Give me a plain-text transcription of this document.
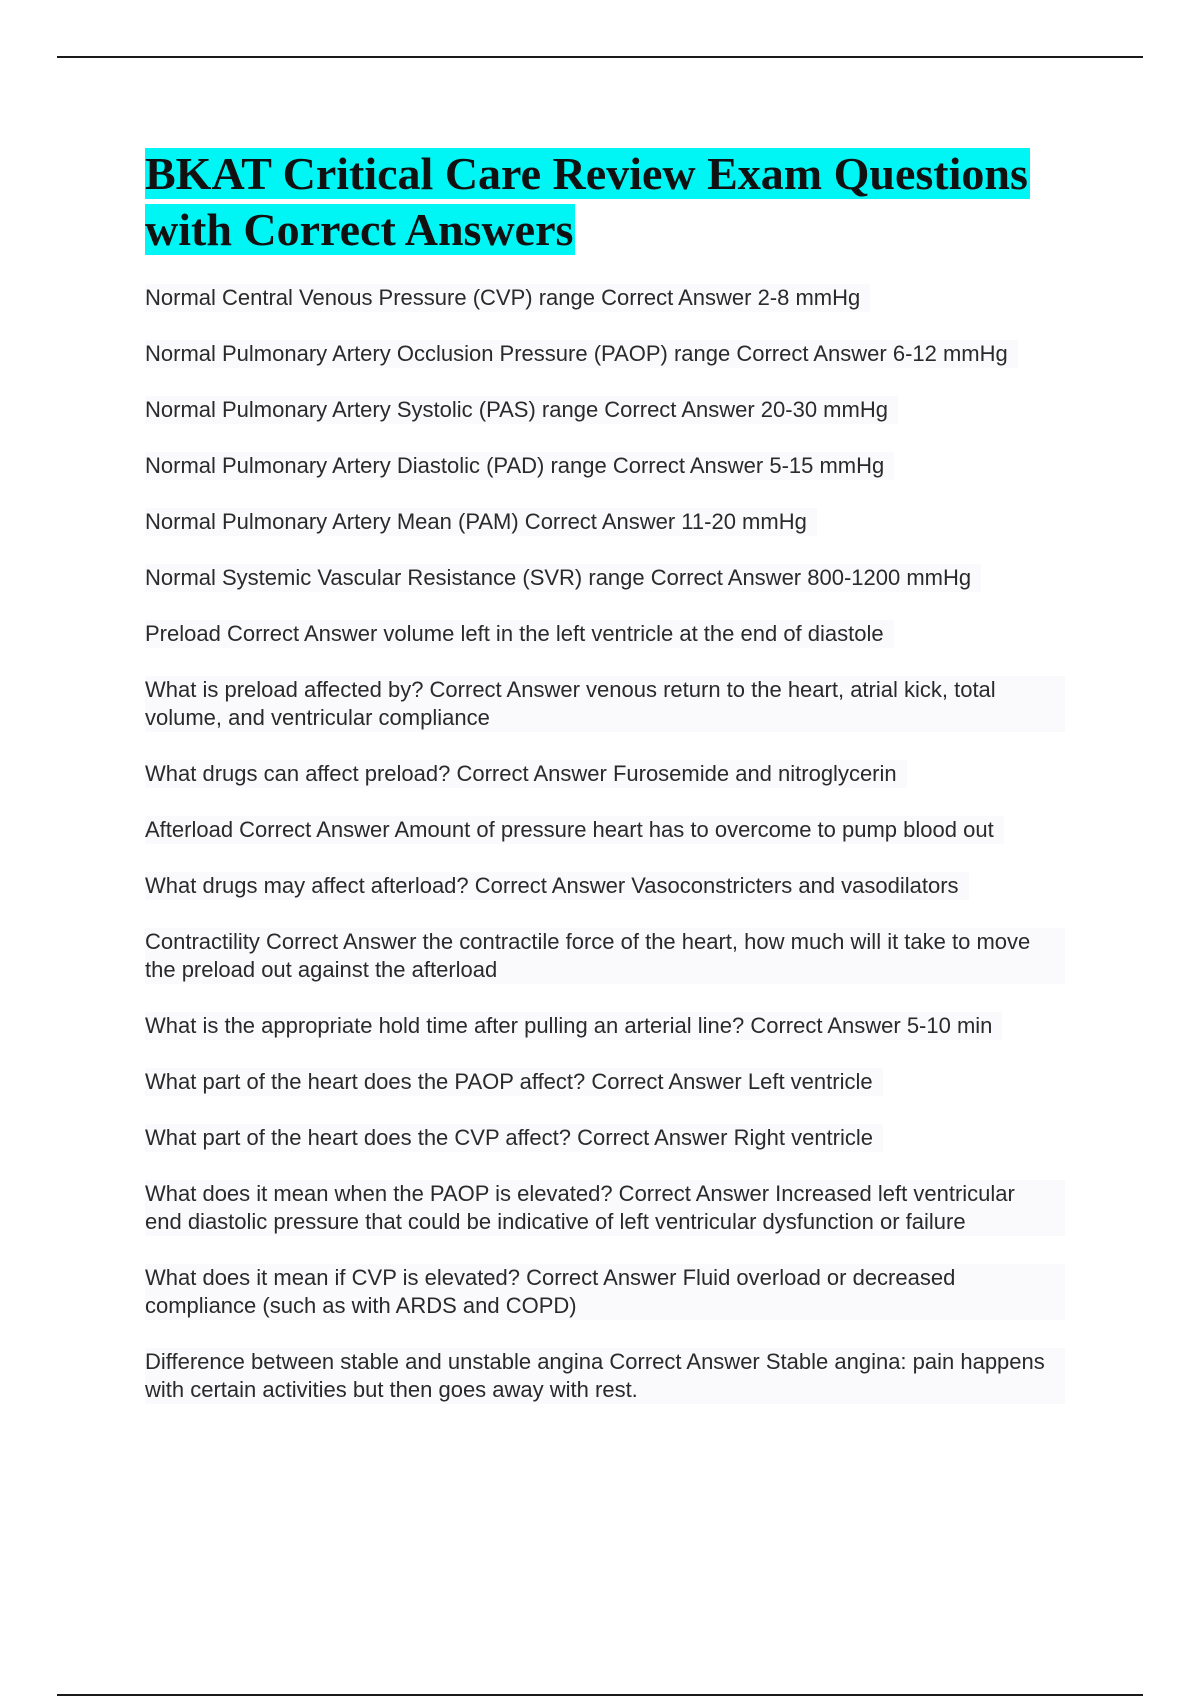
BKAT Critical Care Review Exam Questions with Correct Answers
Normal Central Venous Pressure (CVP) range Correct Answer 2-8 mmHg
Normal Pulmonary Artery Occlusion Pressure (PAOP) range Correct Answer 6-12 mmHg
Normal Pulmonary Artery Systolic (PAS) range Correct Answer 20-30 mmHg
Normal Pulmonary Artery Diastolic (PAD) range Correct Answer 5-15 mmHg
Normal Pulmonary Artery Mean (PAM) Correct Answer 11-20 mmHg
Normal Systemic Vascular Resistance (SVR) range Correct Answer 800-1200 mmHg
Preload Correct Answer volume left in the left ventricle at the end of diastole
What is preload affected by? Correct Answer venous return to the heart, atrial kick, total volume, and ventricular compliance
What drugs can affect preload? Correct Answer Furosemide and nitroglycerin
Afterload Correct Answer Amount of pressure heart has to overcome to pump blood out
What drugs may affect afterload? Correct Answer Vasoconstricters and vasodilators
Contractility Correct Answer the contractile force of the heart, how much will it take to move the preload out against the afterload
What is the appropriate hold time after pulling an arterial line? Correct Answer 5-10 min
What part of the heart does the PAOP affect? Correct Answer Left ventricle
What part of the heart does the CVP affect? Correct Answer Right ventricle
What does it mean when the PAOP is elevated? Correct Answer Increased left ventricular end diastolic pressure that could be indicative of left ventricular dysfunction or failure
What does it mean if CVP is elevated? Correct Answer Fluid overload or decreased compliance (such as with ARDS and COPD)
Difference between stable and unstable angina Correct Answer Stable angina: pain happens with certain activities but then goes away with rest.
